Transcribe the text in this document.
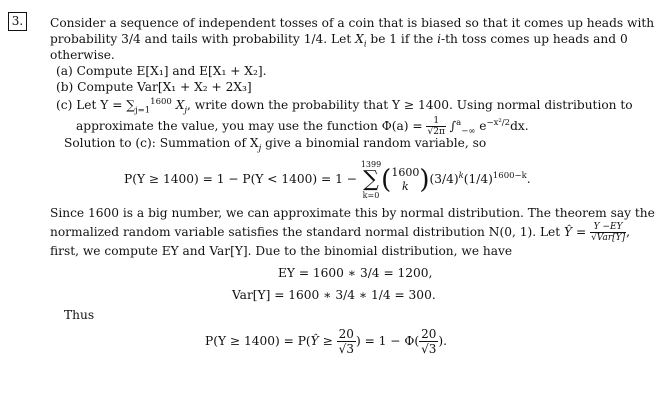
3.	Consider a sequence of independent tosses of a coin that is biased so that it comes up heads with
probability 3/4 and tails with probability 1/4. Let $X_i$ be 1 if the i-th toss comes up heads and 0
otherwise.
(a) Compute E[X₁] and E[X₁ + X₂].
(b) Compute Var[X₁ + X₂ + 2X₃]
(c) Let $Y = \sum_{j=1}^{1600}$ $X_j$, write down the probability that Y ≥ 1400. Using normal distribution to
approximate the value, you may use the function $\Phi(a) = \frac{1}{√2\pi} \int^a_{-\infty}$ $e^{-x^2/2}dx$.
Solution to (c): Summation of $X_j$ give a binomial random variable, so
P(Y ≥ 1400) = 1 − P(Y < 1400) = 1 −
1399
∑
k=0
( 1600
k )$(3/4)^k(1/4)^{1600-k}$.
Since 1600 is a big number, we can approximate this by normal distribution. The theorem say the
normalized random variable satisfies the standard normal distribution N(0, 1). Let Ŷ = $\frac{Y -EY}{\text{√Var[Y]}}$ ,
first, we compute EY and Var[Y]. Due to the binomial distribution, we have
EY = 1600 ∗ 3/4 = 1200,
Var[Y] = 1600 ∗ 3/4 ∗ 1/4 = 300.
Thus
P(Y ≥ 1400) = P(Ŷ ≥ $\frac{20}{√3}$ ) = $1 - \Phi( \frac{20}{√3}$ ).
